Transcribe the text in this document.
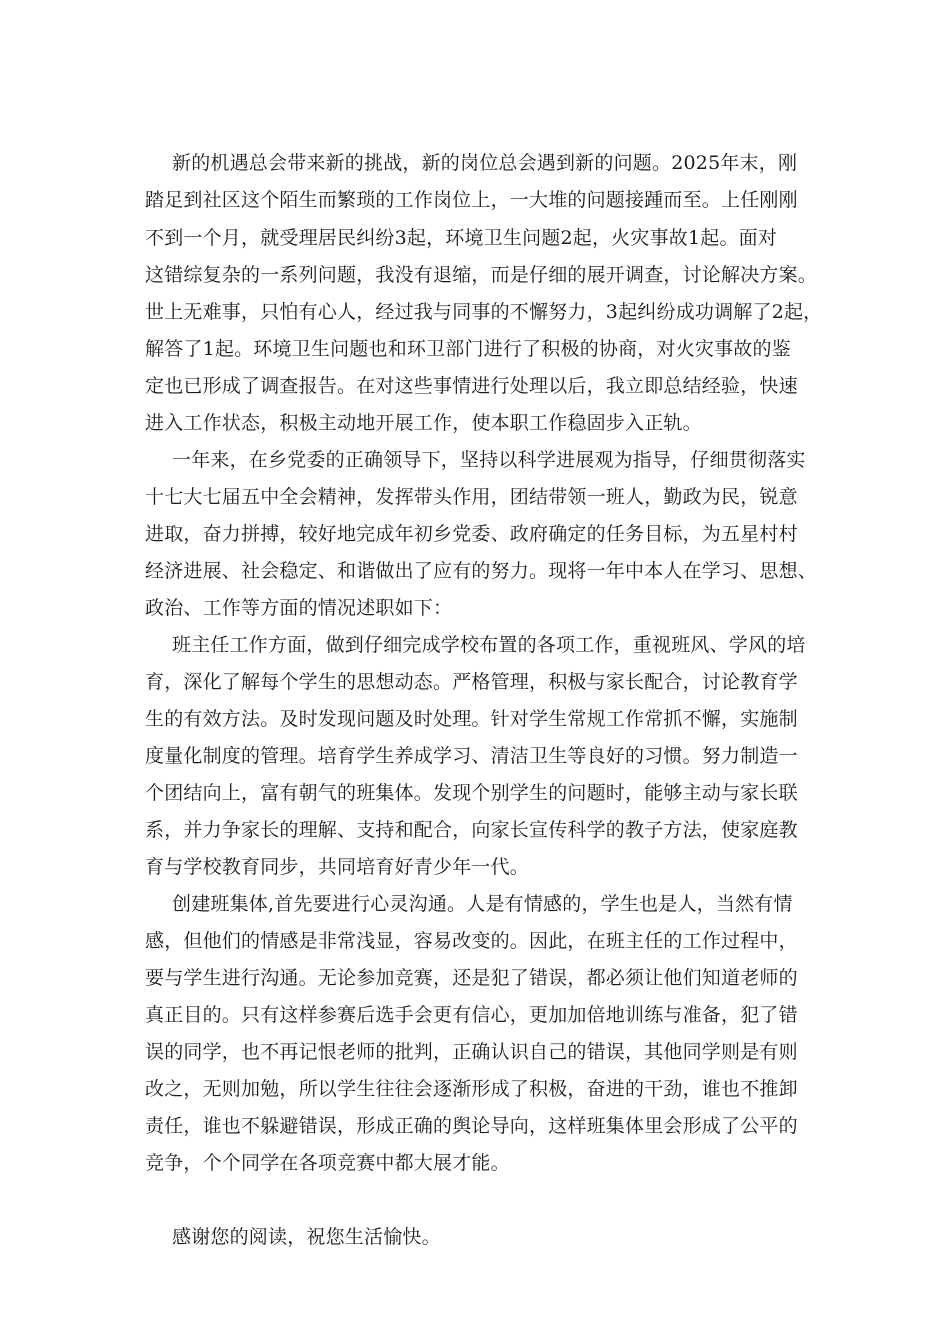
新的机遇总会带来新的挑战，新的岗位总会遇到新的问题。2025年末，刚
踏足到社区这个陌生而繁琐的工作岗位上，一大堆的问题接踵而至。上任刚刚
不到一个月，就受理居民纠纷3起，环境卫生问题2起，火灾事故1起。面对
这错综复杂的一系列问题，我没有退缩，而是仔细的展开调查，讨论解决方案。
世上无难事，只怕有心人，经过我与同事的不懈努力，3起纠纷成功调解了2起，
解答了1起。环境卫生问题也和环卫部门进行了积极的协商，对火灾事故的鉴
定也已形成了调查报告。在对这些事情进行处理以后，我立即总结经验，快速
进入工作状态，积极主动地开展工作，使本职工作稳固步入正轨。
一年来，在乡党委的正确领导下，坚持以科学进展观为指导，仔细贯彻落实
十七大七届五中全会精神，发挥带头作用，团结带领一班人，勤政为民，锐意
进取，奋力拼搏，较好地完成年初乡党委、政府确定的任务目标，为五星村村
经济进展、社会稳定、和谐做出了应有的努力。现将一年中本人在学习、思想、
政治、工作等方面的情况述职如下：
班主任工作方面，做到仔细完成学校布置的各项工作，重视班风、学风的培
育，深化了解每个学生的思想动态。严格管理，积极与家长配合，讨论教育学
生的有效方法。及时发现问题及时处理。针对学生常规工作常抓不懈，实施制
度量化制度的管理。培育学生养成学习、清洁卫生等良好的习惯。努力制造一
个团结向上，富有朝气的班集体。发现个别学生的问题时，能够主动与家长联
系，并力争家长的理解、支持和配合，向家长宣传科学的教子方法，使家庭教
育与学校教育同步，共同培育好青少年一代。
创建班集体,首先要进行心灵沟通。人是有情感的，学生也是人，当然有情
感，但他们的情感是非常浅显，容易改变的。因此，在班主任的工作过程中，
要与学生进行沟通。无论参加竞赛，还是犯了错误，都必须让他们知道老师的
真正目的。只有这样参赛后选手会更有信心，更加加倍地训练与准备，犯了错
误的同学，也不再记恨老师的批判，正确认识自己的错误，其他同学则是有则
改之，无则加勉，所以学生往往会逐渐形成了积极，奋进的干劲，谁也不推卸
责任，谁也不躲避错误，形成正确的舆论导向，这样班集体里会形成了公平的
竞争，个个同学在各项竞赛中都大展才能。
感谢您的阅读，祝您生活愉快。
